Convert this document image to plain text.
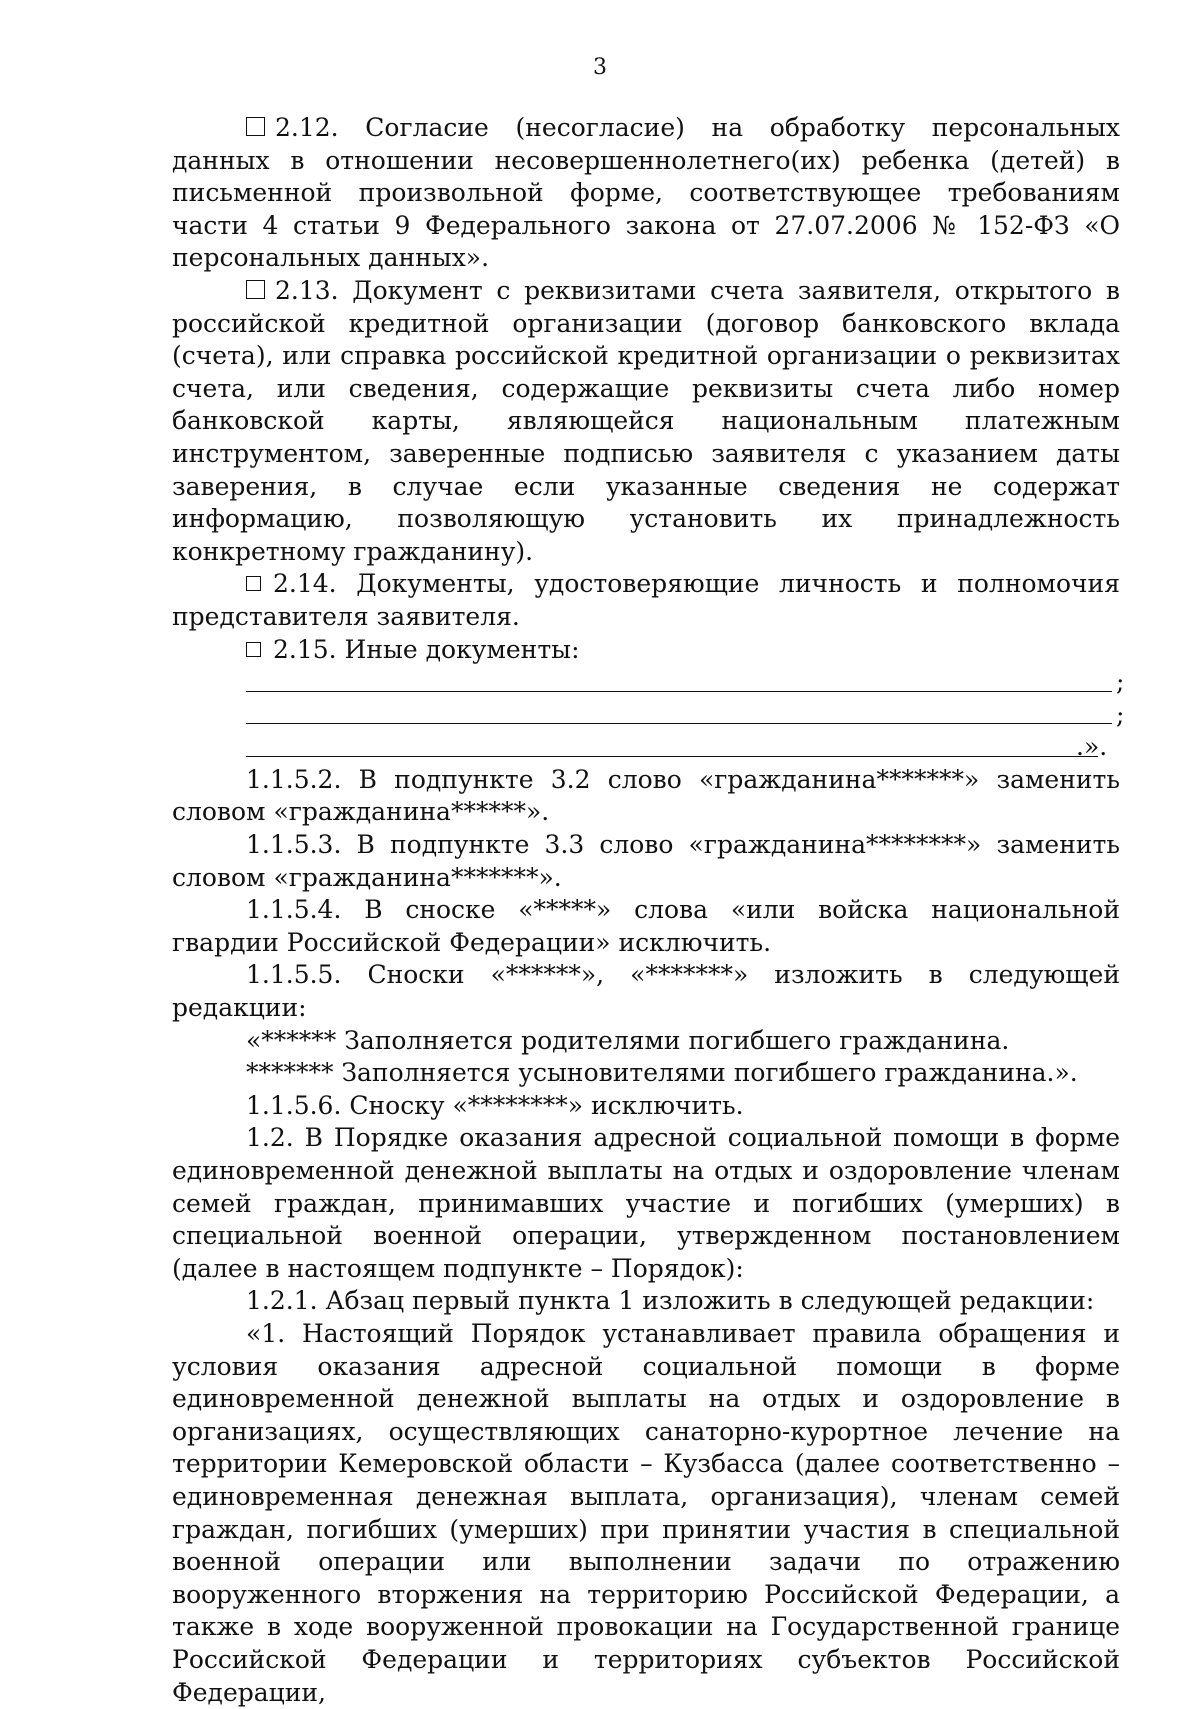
3

2.12. Согласие (несогласие) на обработку персональных данных в отношении несовершеннолетнего(их) ребенка (детей) в письменной произвольной форме, соответствующее требованиям части 4 статьи 9 Федерального закона от 27.07.2006 № 152-ФЗ «О персональных данных».

2.13. Документ с реквизитами счета заявителя, открытого в российской кредитной организации (договор банковского вклада (счета), или справка российской кредитной организации о реквизитах счета, или сведения, содержащие реквизиты счета либо номер банковской карты, являющейся национальным платежным инструментом, заверенные подписью заявителя с указанием даты заверения, в случае если указанные сведения не содержат информацию, позволяющую установить их принадлежность конкретному гражданину).

2.14. Документы, удостоверяющие личность и полномочия представителя заявителя.

2.15. Иные документы:

;
;
.».

1.1.5.2. В подпункте 3.2 слово «гражданина*******» заменить словом «гражданина******».

1.1.5.3. В подпункте 3.3 слово «гражданина********» заменить словом «гражданина*******».

1.1.5.4. В сноске «*****» слова «или войска национальной гвардии Российской Федерации» исключить.

1.1.5.5. Сноски «******», «*******» изложить в следующей редакции:

«****** Заполняется родителями погибшего гражданина.

******* Заполняется усыновителями погибшего гражданина.».

1.1.5.6. Сноску «********» исключить.

1.2. В Порядке оказания адресной социальной помощи в форме единовременной денежной выплаты на отдых и оздоровление членам семей граждан, принимавших участие и погибших (умерших) в специальной военной операции, утвержденном постановлением (далее в настоящем подпункте – Порядок):

1.2.1. Абзац первый пункта 1 изложить в следующей редакции:

«1. Настоящий Порядок устанавливает правила обращения и условия оказания адресной социальной помощи в форме единовременной денежной выплаты на отдых и оздоровление в организациях, осуществляющих санаторно-курортное лечение на территории Кемеровской области – Кузбасса (далее соответственно – единовременная денежная выплата, организация), членам семей граждан, погибших (умерших) при принятии участия в специальной военной операции или выполнении задачи по отражению вооруженного вторжения на территорию Российской Федерации, а также в ходе вооруженной провокации на Государственной границе Российской Федерации и территориях субъектов Российской Федерации,
